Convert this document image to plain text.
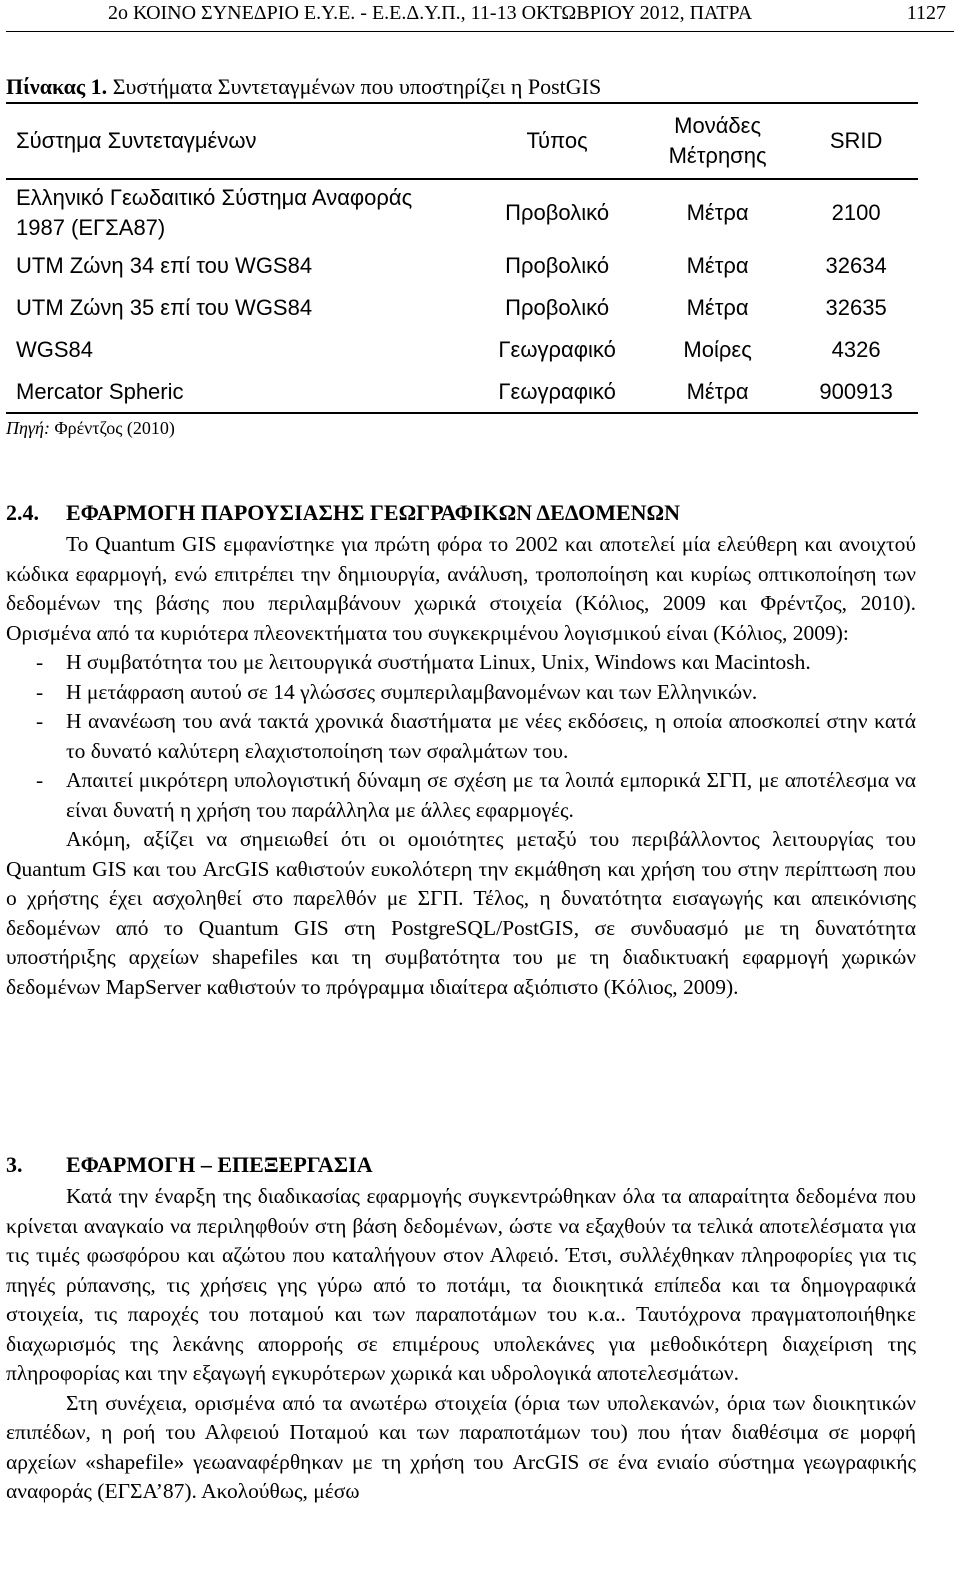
2ο ΚΟΙΝΟ ΣΥΝΕΔΡΙΟ Ε.Υ.Ε. - Ε.Ε.Δ.Υ.Π., 11-13 ΟΚΤΩΒΡΙΟΥ 2012, ΠΑΤΡΑ	1127
Πίνακας 1. Συστήματα Συντεταγμένων που υποστηρίζει η PostGIS
Σύστημα Συντεταγμένων	Τύπος	Μονάδες Μέτρησης	SRID
Ελληνικό Γεωδαιτικό Σύστημα Αναφοράς 1987 (ΕΓΣΑ87)	Προβολικό	Μέτρα	2100
UTM Ζώνη 34 επί του WGS84	Προβολικό	Μέτρα	32634
UTM Ζώνη 35 επί του WGS84	Προβολικό	Μέτρα	32635
WGS84	Γεωγραφικό	Μοίρες	4326
Mercator Spheric	Γεωγραφικό	Μέτρα	900913
Πηγή: Φρέντζος (2010)
2.4. ΕΦΑΡΜΟΓΗ ΠΑΡΟΥΣΙΑΣΗΣ ΓΕΩΓΡΑΦΙΚΩΝ ΔΕΔΟΜΕΝΩΝ

Το Quantum GIS εμφανίστηκε για πρώτη φόρα το 2002 και αποτελεί μία ελεύθερη και ανοιχτού κώδικα εφαρμογή, ενώ επιτρέπει την δημιουργία, ανάλυση, τροποποίηση και κυρίως οπτικοποίηση των δεδομένων της βάσης που περιλαμβάνουν χωρικά στοιχεία (Κόλιος, 2009 και Φρέντζος, 2010). Ορισμένα από τα κυριότερα πλεονεκτήματα του συγκεκριμένου λογισμικού είναι (Κόλιος, 2009):

- Η συμβατότητα του με λειτουργικά συστήματα Linux, Unix, Windows και Macintosh.
- Η μετάφραση αυτού σε 14 γλώσσες συμπεριλαμβανομένων και των Ελληνικών.
- Η ανανέωση του ανά τακτά χρονικά διαστήματα με νέες εκδόσεις, η οποία αποσκοπεί στην κατά το δυνατό καλύτερη ελαχιστοποίηση των σφαλμάτων του.
- Απαιτεί μικρότερη υπολογιστική δύναμη σε σχέση με τα λοιπά εμπορικά ΣΓΠ, με αποτέλεσμα να είναι δυνατή η χρήση του παράλληλα με άλλες εφαρμογές.

Ακόμη, αξίζει να σημειωθεί ότι οι ομοιότητες μεταξύ του περιβάλλοντος λειτουργίας του Quantum GIS και του ArcGIS καθιστούν ευκολότερη την εκμάθηση και χρήση του στην περίπτωση που ο χρήστης έχει ασχοληθεί στο παρελθόν με ΣΓΠ. Τέλος, η δυνατότητα εισαγωγής και απεικόνισης δεδομένων από το Quantum GIS στη PostgreSQL/PostGIS, σε συνδυασμό με τη δυνατότητα υποστήριξης αρχείων shapefiles και τη συμβατότητα του με τη διαδικτυακή εφαρμογή χωρικών δεδομένων MapServer καθιστούν το πρόγραμμα ιδιαίτερα αξιόπιστο (Κόλιος, 2009).

3. ΕΦΑΡΜΟΓΗ – ΕΠΕΞΕΡΓΑΣΙΑ

Κατά την έναρξη της διαδικασίας εφαρμογής συγκεντρώθηκαν όλα τα απαραίτητα δεδομένα που κρίνεται αναγκαίο να περιληφθούν στη βάση δεδομένων, ώστε να εξαχθούν τα τελικά αποτελέσματα για τις τιμές φωσφόρου και αζώτου που καταλήγουν στον Αλφειό. Έτσι, συλλέχθηκαν πληροφορίες για τις πηγές ρύπανσης, τις χρήσεις γης γύρω από το ποτάμι, τα διοικητικά επίπεδα και τα δημογραφικά στοιχεία, τις παροχές του ποταμού και των παραποτάμων του κ.α.. Ταυτόχρονα πραγματοποιήθηκε διαχωρισμός της λεκάνης απορροής σε επιμέρους υπολεκάνες για μεθοδικότερη διαχείριση της πληροφορίας και την εξαγωγή εγκυρότερων χωρικά και υδρολογικά αποτελεσμάτων.

Στη συνέχεια, ορισμένα από τα ανωτέρω στοιχεία (όρια των υπολεκανών, όρια των διοικητικών επιπέδων, η ροή του Αλφειού Ποταμού και των παραποτάμων του) που ήταν διαθέσιμα σε μορφή αρχείων «shapefile» γεωαναφέρθηκαν με τη χρήση του ArcGIS σε ένα ενιαίο σύστημα γεωγραφικής αναφοράς (ΕΓΣΑ’87). Ακολούθως, μέσω
